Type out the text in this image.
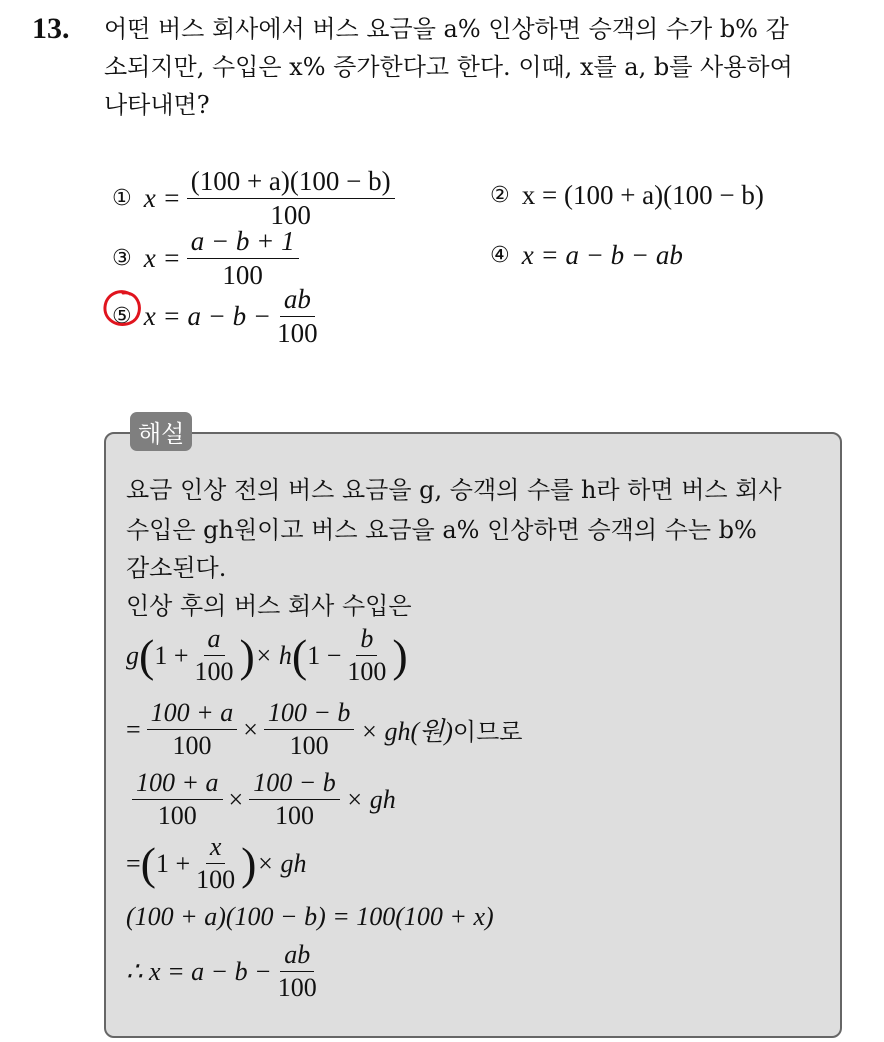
13. 어떤 버스 회사에서 버스 요금을 a% 인상하면 승객의 수가 b% 감
소되지만, 수입은 x% 증가한다고 한다. 이때, x를 a, b를 사용하여
나타내면?
① $x = \frac{(100 + a)(100 - b)}{100}$	② x = (100 + a)(100 − b)
③ $x = \frac{a - b + 1}{100}$	④ x = a − b − ab
⑤ $x = a - b - \frac{ab}{100}$
해설
요금 인상 전의 버스 요금을 g, 승객의 수를 h라 하면 버스 회사
수입은 gh원이고 버스 요금을 a% 인상하면 승객의 수는 b%
감소된다.
인상 후의 버스 회사 수입은
g ( $1 + \frac{a}{100}$ ) × h ( $1 - \frac{b}{100}$ )
= $\frac{100 + a}{100} \times \frac{100 - b}{100} \times gh$(원) 이므로
$\frac{100 + a}{100} \times \frac{100 - b}{100}$ × gh
= ( $1 + \frac{x}{100}$ ) × gh
(100 + a)(100 − b) = 100(100 + x)
∴ $x = a - b - \frac{ab}{100}$
